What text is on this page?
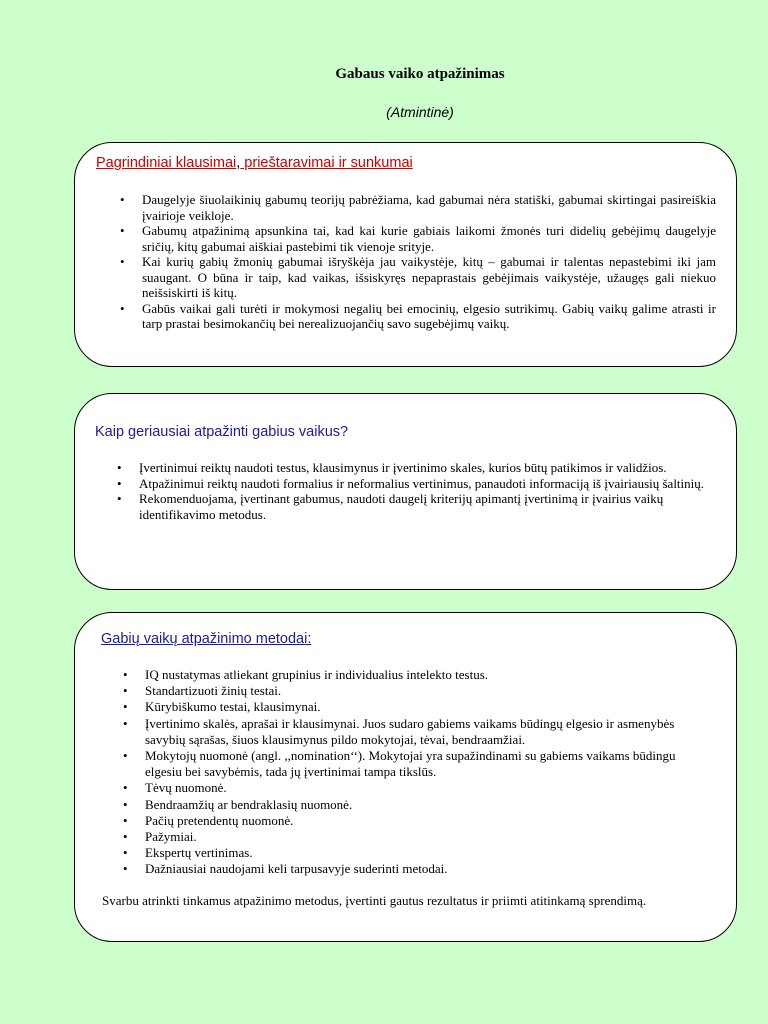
Gabaus vaiko atpažinimas
(Atmintinė)
Pagrindiniai klausimai, prieštaravimai ir sunkumai
• Daugelyje šiuolaikinių gabumų teorijų pabrėžiama, kad gabumai nėra statiški, gabumai skirtingai pasireiškia įvairioje veikloje.
• Gabumų atpažinimą apsunkina tai, kad kai kurie gabiais laikomi žmonės turi didelių gebėjimų daugelyje sričių, kitų gabumai aiškiai pastebimi tik vienoje srityje.
• Kai kurių gabių žmonių gabumai išryškėja jau vaikystėje, kitų – gabumai ir talentas nepastebimi iki jam suaugant. O būna ir taip, kad vaikas, išsiskyręs nepaprastais gebėjimais vaikystėje, užaugęs gali niekuo neišsiskirti iš kitų.
• Gabūs vaikai gali turėti ir mokymosi negalių bei emocinių, elgesio sutrikimų. Gabių vaikų galime atrasti ir tarp prastai besimokančių bei nerealizuojančių savo sugebėjimų vaikų.
Kaip geriausiai atpažinti gabius vaikus?
• Įvertinimui reiktų naudoti testus, klausimynus ir įvertinimo skales, kurios būtų patikimos ir validžios.
• Atpažinimui reiktų naudoti formalius ir neformalius vertinimus, panaudoti informaciją iš įvairiausių šaltinių.
• Rekomenduojama, įvertinant gabumus, naudoti daugelį kriterijų apimantį įvertinimą ir įvairius vaikų identifikavimo metodus.
Gabių vaikų atpažinimo metodai:
• IQ nustatymas atliekant grupinius ir individualius intelekto testus.
• Standartizuoti žinių testai.
• Kūrybiškumo testai, klausimynai.
• Įvertinimo skalės, aprašai ir klausimynai. Juos sudaro gabiems vaikams būdingų elgesio ir asmenybės savybių sąrašas, šiuos klausimynus pildo mokytojai, tėvai, bendraamžiai.
• Mokytojų nuomonė (angl. ,,nomination‘‘). Mokytojai yra supažindinami su gabiems vaikams būdingu elgesiu bei savybėmis, tada jų įvertinimai tampa tikslūs.
• Tėvų nuomonė.
• Bendraamžių ar bendraklasių nuomonė.
• Pačių pretendentų nuomonė.
• Pažymiai.
• Ekspertų vertinimas.
• Dažniausiai naudojami keli tarpusavyje suderinti metodai.
Svarbu atrinkti tinkamus atpažinimo metodus, įvertinti gautus rezultatus ir priimti atitinkamą sprendimą.
